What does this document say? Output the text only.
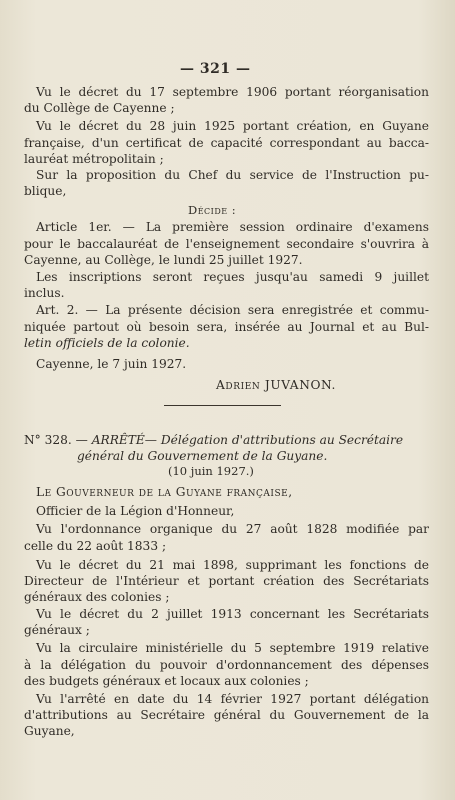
— 321 —
Vu le décret du 17 septembre 1906 portant réorganisation
du Collège de Cayenne ;
Vu le décret du 28 juin 1925 portant création, en Guyane
française, d'un certificat de capacité correspondant au bacca-
lauréat métropolitain ;
Sur la proposition du Chef du service de l'Instruction pu-
blique,
Décide :
Article 1er. — La première session ordinaire d'examens
pour le baccalauréat de l'enseignement secondaire s'ouvrira à
Cayenne, au Collège, le lundi 25 juillet 1927.
Les inscriptions seront reçues jusqu'au samedi 9 juillet
inclus.
Art. 2. — La présente décision sera enregistrée et commu-
niquée partout où besoin sera, insérée au Journal et au Bul-
letin officiels de la colonie.
Cayenne, le 7 juin 1927.
Adrien JUVANON.
N° 328. — ARRÊTÉ— Délégation d'attributions au Secrétaire
général du Gouvernement de la Guyane.
(10 juin 1927.)
Le Gouverneur de la Guyane française,
Officier de la Légion d'Honneur,
Vu l'ordonnance organique du 27 août 1828 modifiée par
celle du 22 août 1833 ;
Vu le décret du 21 mai 1898, supprimant les fonctions de
Directeur de l'Intérieur et portant création des Secrétariats
généraux des colonies ;
Vu le décret du 2 juillet 1913 concernant les Secrétariats
généraux ;
Vu la circulaire ministérielle du 5 septembre 1919 relative
à la délégation du pouvoir d'ordonnancement des dépenses
des budgets généraux et locaux aux colonies ;
Vu l'arrêté en date du 14 février 1927 portant délégation
d'attributions au Secrétaire général du Gouvernement de la
Guyane,
